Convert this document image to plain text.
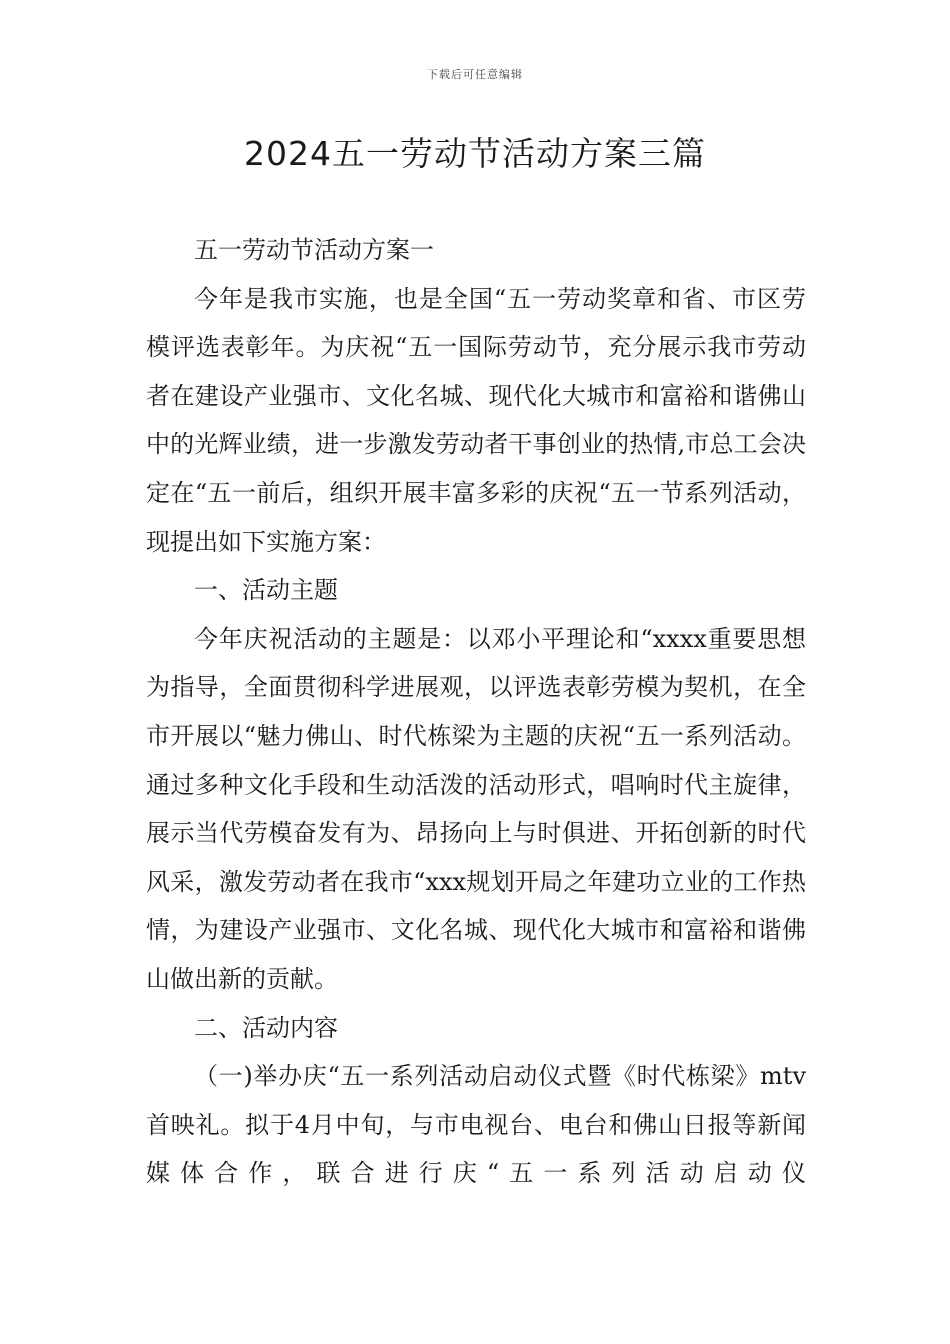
下载后可任意编辑
2024五一劳动节活动方案三篇

五一劳动节活动方案一

今年是我市实施，也是全国“五一劳动奖章和省、市区劳模评选表彰年。为庆祝“五一国际劳动节，充分展示我市劳动者在建设产业强市、文化名城、现代化大城市和富裕和谐佛山中的光辉业绩，进一步激发劳动者干事创业的热情,市总工会决定在“五一前后，组织开展丰富多彩的庆祝“五一节系列活动，现提出如下实施方案：

一、活动主题

今年庆祝活动的主题是：以邓小平理论和“xxxx重要思想为指导，全面贯彻科学进展观，以评选表彰劳模为契机，在全市开展以“魅力佛山、时代栋梁为主题的庆祝“五一系列活动。通过多种文化手段和生动活泼的活动形式，唱响时代主旋律，展示当代劳模奋发有为、昂扬向上与时俱进、开拓创新的时代风采，激发劳动者在我市“xxx规划开局之年建功立业的工作热情，为建设产业强市、文化名城、现代化大城市和富裕和谐佛山做出新的贡献。

二、活动内容

（一)举办庆“五一系列活动启动仪式暨《时代栋梁》mtv首映礼。拟于4月中旬，与市电视台、电台和佛山日报等新闻媒体合作，联合进行庆“五一系列活动启动仪
